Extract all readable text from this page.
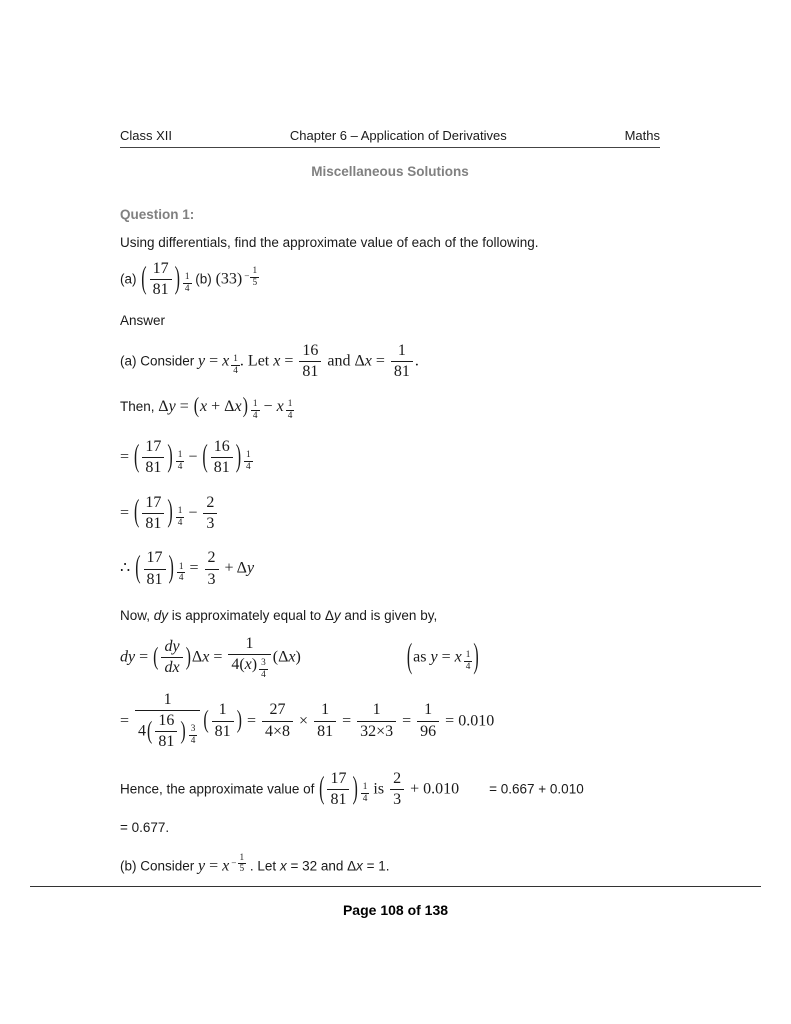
Class XII	Chapter 6 – Application of Derivatives	Maths
Miscellaneous Solutions
Question 1:

Using differentials, find the approximate value of each of the following.

(a) ( $\frac{17}{81}$ ) $\frac{1}{4} (b) (33) - \frac{1}{5}$

Answer

(a) Consider y = x $\frac{1}{4}$ . Let $x = \frac{16}{81}$ and $\Delta x = \frac{1}{81}$ .
Then, $\Delta y = (x + \Delta x) \frac{1}{4} - x \frac{1}{4}$
= ( $\frac{17}{81}$ ) $\frac{1}{4}$ − ( $\frac{16}{81}$ ) $\frac{1}{4}$
= ( $\frac{17}{81}$ ) $\frac{1}{4} - \frac{2}{3}$
∴ ( $\frac{17}{81}$ ) $\frac{1}{4} = \frac{2}{3} + \Delta y$
Now, dy is approximately equal to Δy and is given by,
dy = ( $\frac{dy}{dx} )\Delta x = \frac{1}{4(x) \frac{3}{4}} (\Delta x)$	(as y = x $\frac{1}{4}$ )
= $\frac{1}{4( \frac{16}{81} ) \frac{3}{4}}$ ( $\frac{1}{81}$ ) = $\frac{27}{4\times 8} \times \frac{1}{81} = \frac{1}{32\times 3} = \frac{1}{96} = 0.010$
Hence, the approximate value of ( $\frac{17}{81}$ ) $\frac{1}{4}$ is $\frac{2}{3} + 0.010 = 0.667 + 0.010$

= 0.677.

(b) Consider $y = x - \frac{1}{5}$ . Let x = 32 and Δx = 1.
Page 108 of 138
